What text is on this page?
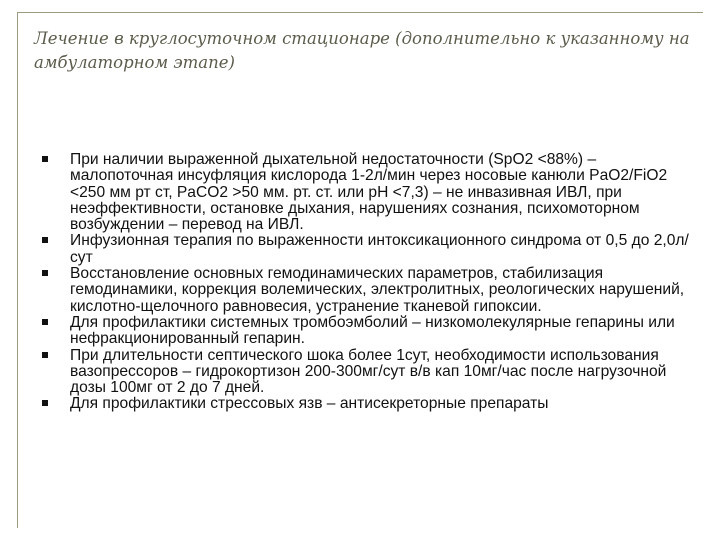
Лечение в круглосуточном стационаре (дополнительно к указанному на амбулаторном этапе)
При наличии выраженной дыхательной недостаточности (SpO2 <88%) – малопоточная инсуфляция кислорода 1-2л/мин через носовые канюли PaO2/FiO2 <250 мм рт ст, PaCO2 >50 мм. рт. ст. или рН <7,3) – не инвазивная ИВЛ, при неэффективности, остановке дыхания, нарушениях сознания, психомоторном возбуждении – перевод на ИВЛ.
Инфузионная терапия по выраженности интоксикационного синдрома от 0,5 до 2,0л/сут
Восстановление основных гемодинамических параметров, стабилизация гемодинамики, коррекция волемических, электролитных, реологических нарушений, кислотно-щелочного равновесия, устранение тканевой гипоксии.
Для профилактики системных тромбоэмболий – низкомолекулярные гепарины или нефракционированный гепарин.
При длительности септического шока более 1сут, необходимости использования вазопрессоров – гидрокортизон 200-300мг/сут в/в кап 10мг/час после нагрузочной дозы 100мг от 2 до 7 дней.
Для профилактики стрессовых язв – антисекреторные препараты
